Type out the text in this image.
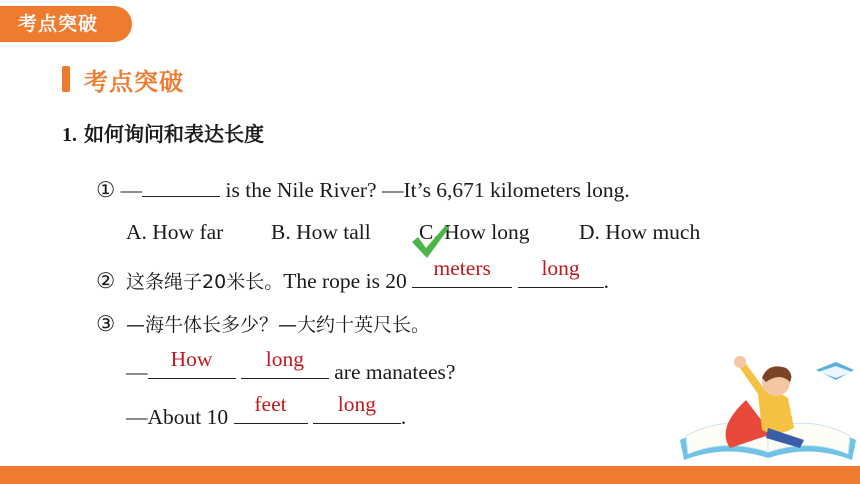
考点突破
考点突破
1. 如何询问和表达长度
① —	is the Nile River? —It’s 6,671 kilometers long.
A. How far B. How tall C. How long D. How much
② 这条绳子20米长。The rope is 20
meters
	long
.
③ —海牛体长多少？—大约十英尺长。
—
How
	long
are manatees?
—About 10
feet
	long
.
